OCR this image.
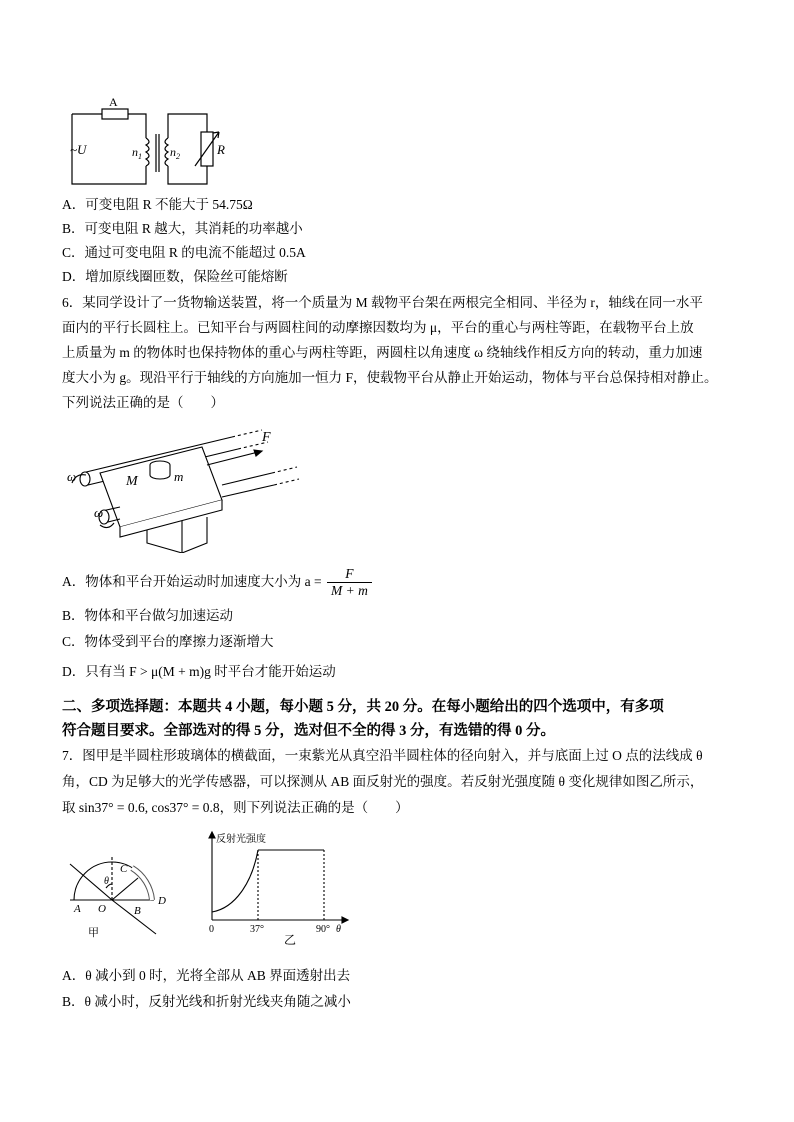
A
~U	$n_1$ $n_2$	R
A．可变电阻 R 不能大于 54.75Ω
B．可变电阻 R 越大，其消耗的功率越小
C．通过可变电阻 R 的电流不能超过 0.5A
D．增加原线圈匝数，保险丝可能熔断
6．某同学设计了一货物输送装置，将一个质量为 M 载物平台架在两根完全相同、半径为 r，轴线在同一水平
面内的平行长圆柱上。已知平台与两圆柱间的动摩擦因数均为 μ，平台的重心与两柱等距，在载物平台上放
上质量为 m 的物体时也保持物体的重心与两柱等距，两圆柱以角速度 ω 绕轴线作相反方向的转动，重力加速
度大小为 g。现沿平行于轴线的方向施加一恒力 F，使载物平台从静止开始运动，物体与平台总保持相对静止。
下列说法正确的是（　　）
M	m
F
ω
ω
A．物体和平台开始运动时加速度大小为 $a = \frac{F}{M + m}$
B．物体和平台做匀加速运动
C．物体受到平台的摩擦力逐渐增大
D．只有当 F > μ(M + m)g 时平台才能开始运动
二、多项选择题：本题共 4 小题，每小题 5 分，共 20 分。在每小题给出的四个选项中，有多项
符合题目要求。全部选对的得 5 分，选对但不全的得 3 分，有选错的得 0 分。
7．图甲是半圆柱形玻璃体的横截面，一束紫光从真空沿半圆柱体的径向射入，并与底面上过 O 点的法线成 θ
角，CD 为足够大的光学传感器，可以探测从 AB 面反射光的强度。若反射光强度随 θ 变化规律如图乙所示，
取 sin37° = 0.6, cos37° = 0.8，则下列说法正确的是（　　）
C
D
A O	B
θ
甲
反射光强度
0	37°	90° θ
乙
A．θ 减小到 0 时，光将全部从 AB 界面透射出去
B．θ 减小时，反射光线和折射光线夹角随之减小
